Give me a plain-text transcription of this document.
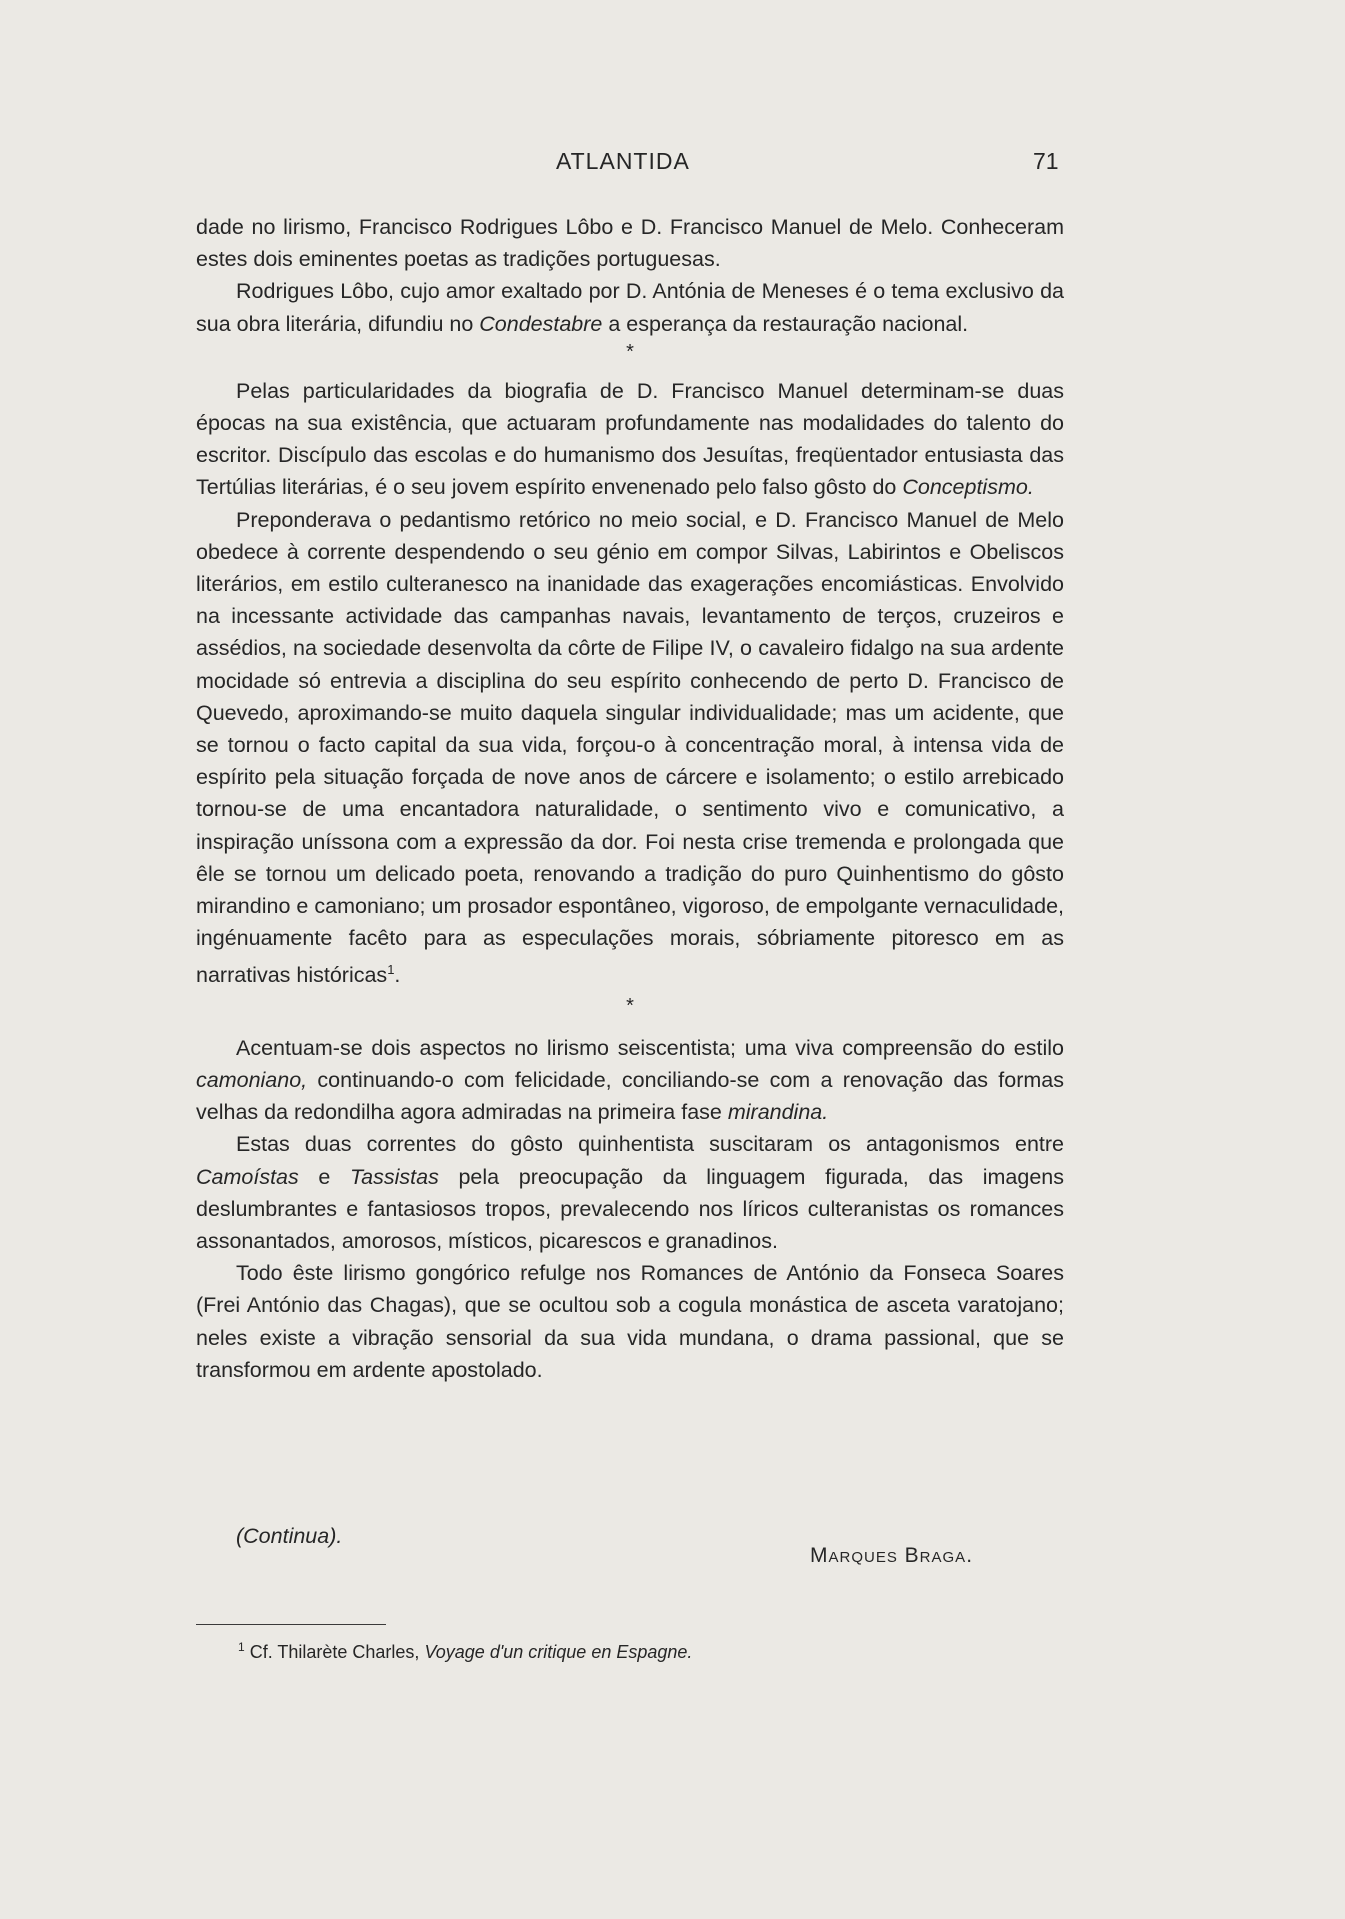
ATLANTIDA	71

dade no lirismo, Francisco Rodrigues Lôbo e D. Francisco Manuel de Melo. Conheceram estes dois eminentes poetas as tradições portuguesas.

Rodrigues Lôbo, cujo amor exaltado por D. Antónia de Meneses é o tema exclusivo da sua obra literária, difundiu no Condestabre a esperança da restauração nacional.

*

Pelas particularidades da biografia de D. Francisco Manuel determinam-se duas épocas na sua existência, que actuaram profundamente nas modalidades do talento do escritor. Discípulo das escolas e do humanismo dos Jesuítas, freqüentador entusiasta das Tertúlias literárias, é o seu jovem espírito envenenado pelo falso gôsto do Conceptismo.

Preponderava o pedantismo retórico no meio social, e D. Francisco Manuel de Melo obedece à corrente despendendo o seu génio em compor Silvas, Labirintos e Obeliscos literários, em estilo culteranesco na inanidade das exagerações encomiásticas. Envolvido na incessante actividade das campanhas navais, levantamento de terços, cruzeiros e assédios, na sociedade desenvolta da côrte de Filipe IV, o cavaleiro fidalgo na sua ardente mocidade só entrevia a disciplina do seu espírito conhecendo de perto D. Francisco de Quevedo, aproximando-se muito daquela singular individualidade; mas um acidente, que se tornou o facto capital da sua vida, forçou-o à concentração moral, à intensa vida de espírito pela situação forçada de nove anos de cárcere e isolamento; o estilo arrebicado tornou-se de uma encantadora naturalidade, o sentimento vivo e comunicativo, a inspiração uníssona com a expressão da dor. Foi nesta crise tremenda e prolongada que êle se tornou um delicado poeta, renovando a tradição do puro Quinhentismo do gôsto mirandino e camoniano; um prosador espontâneo, vigoroso, de empolgante vernaculidade, ingénuamente facêto para as especulações morais, sóbriamente pitoresco em as narrativas históricas$^1$.

*

Acentuam-se dois aspectos no lirismo seiscentista; uma viva compreensão do estilo camoniano, continuando-o com felicidade, conciliando-se com a renovação das formas velhas da redondilha agora admiradas na primeira fase mirandina.

Estas duas correntes do gôsto quinhentista suscitaram os antagonismos entre Camoístas e Tassistas pela preocupação da linguagem figurada, das imagens deslumbrantes e fantasiosos tropos, prevalecendo nos líricos culteranistas os romances assonantados, amorosos, místicos, picarescos e granadinos.

Todo êste lirismo gongórico refulge nos Romances de António da Fonseca Soares (Frei António das Chagas), que se ocultou sob a cogula monástica de asceta varatojano; neles existe a vibração sensorial da sua vida mundana, o drama passional, que se transformou em ardente apostolado.

(Continua).
Marques Braga.
$^1$ Cf. Thilarète Charles, Voyage d'un critique en Espagne.
